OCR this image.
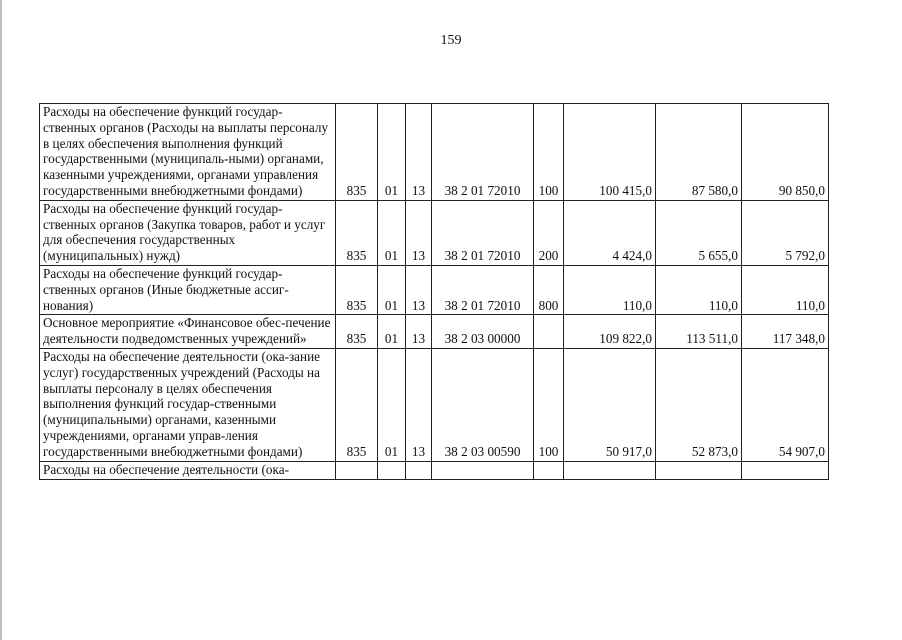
159
Расходы на обеспечение функций государ-ственных органов (Расходы на выплаты персоналу в целях обеспечения выполнения функций государственными (муниципаль-ными) органами, казенными учреждениями, органами управления государственными внебюджетными фондами)	835	01	13	38 2 01 72010	100	100 415,0	87 580,0	90 850,0
Расходы на обеспечение функций государ-ственных органов (Закупка товаров, работ и услуг для обеспечения государственных (муниципальных) нужд)	835	01	13	38 2 01 72010	200	4 424,0	5 655,0	5 792,0
Расходы на обеспечение функций государ-ственных органов (Иные бюджетные ассиг-нования)	835	01	13	38 2 01 72010	800	110,0	110,0	110,0
Основное мероприятие «Финансовое обес-печение деятельности подведомственных учреждений»	835	01	13	38 2 03 00000		109 822,0	113 511,0	117 348,0
Расходы на обеспечение деятельности (ока-зание услуг) государственных учреждений (Расходы на выплаты персоналу в целях обеспечения выполнения функций государ-ственными (муниципальными) органами, казенными учреждениями, органами управ-ления государственными внебюджетными фондами)	835	01	13	38 2 03 00590	100	50 917,0	52 873,0	54 907,0
Расходы на обеспечение деятельности (ока-								
